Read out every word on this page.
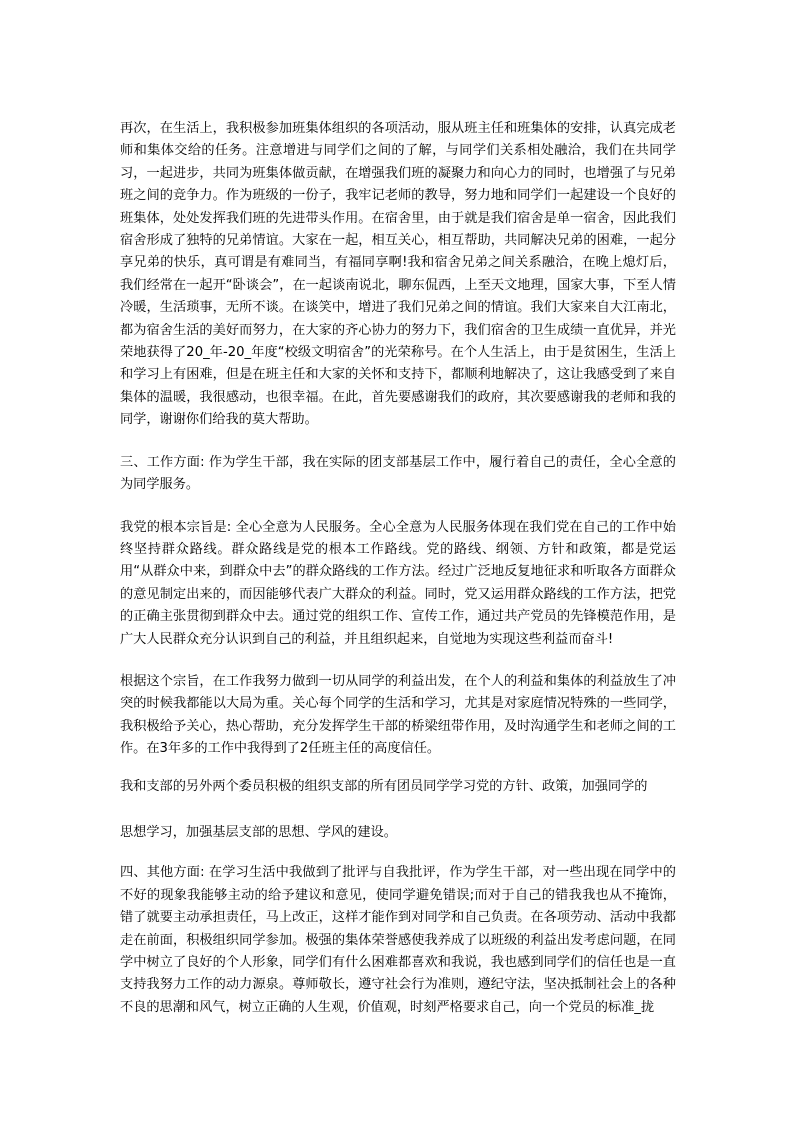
再次，在生活上，我积极参加班集体组织的各项活动，服从班主任和班集体的安排，认真完成老师和集体交给的任务。注意增进与同学们之间的了解，与同学们关系相处融洽，我们在共同学习，一起进步，共同为班集体做贡献，在增强我们班的凝聚力和向心力的同时，也增强了与兄弟班之间的竞争力。作为班级的一份子，我牢记老师的教导，努力地和同学们一起建设一个良好的班集体，处处发挥我们班的先进带头作用。在宿舍里，由于就是我们宿舍是单一宿舍，因此我们宿舍形成了独特的兄弟情谊。大家在一起，相互关心，相互帮助，共同解决兄弟的困难，一起分享兄弟的快乐，真可谓是有难同当，有福同享啊!我和宿舍兄弟之间关系融洽，在晚上熄灯后，我们经常在一起开“卧谈会”，在一起谈南说北，聊东侃西，上至天文地理，国家大事，下至人情冷暖，生活琐事，无所不谈。在谈笑中，增进了我们兄弟之间的情谊。我们大家来自大江南北，都为宿舍生活的美好而努力，在大家的齐心协力的努力下，我们宿舍的卫生成绩一直优异，并光荣地获得了20_年-20_年度“校级文明宿舍”的光荣称号。在个人生活上，由于是贫困生，生活上和学习上有困难，但是在班主任和大家的关怀和支持下，都顺利地解决了，这让我感受到了来自集体的温暖，我很感动，也很幸福。在此，首先要感谢我们的政府，其次要感谢我的老师和我的同学，谢谢你们给我的莫大帮助。

三、工作方面: 作为学生干部，我在实际的团支部基层工作中，履行着自己的责任，全心全意的为同学服务。

我党的根本宗旨是: 全心全意为人民服务。全心全意为人民服务体现在我们党在自己的工作中始终坚持群众路线。群众路线是党的根本工作路线。党的路线、纲领、方针和政策，都是党运用“从群众中来，到群众中去”的群众路线的工作方法。经过广泛地反复地征求和听取各方面群众的意见制定出来的，而因能够代表广大群众的利益。同时，党又运用群众路线的工作方法，把党的正确主张贯彻到群众中去。通过党的组织工作、宣传工作，通过共产党员的先锋模范作用，是广大人民群众充分认识到自己的利益，并且组织起来，自觉地为实现这些利益而奋斗!

根据这个宗旨，在工作我努力做到一切从同学的利益出发，在个人的利益和集体的利益放生了冲突的时候我都能以大局为重。关心每个同学的生活和学习，尤其是对家庭情况特殊的一些同学，我积极给予关心，热心帮助，充分发挥学生干部的桥梁纽带作用，及时沟通学生和老师之间的工作。在3年多的工作中我得到了2任班主任的高度信任。

我和支部的另外两个委员积极的组织支部的所有团员同学学习党的方针、政策，加强同学的

思想学习，加强基层支部的思想、学风的建设。

四、其他方面: 在学习生活中我做到了批评与自我批评，作为学生干部，对一些出现在同学中的不好的现象我能够主动的给予建议和意见，使同学避免错误;而对于自己的错我我也从不掩饰，错了就要主动承担责任，马上改正，这样才能作到对同学和自己负责。在各项劳动、活动中我都走在前面，积极组织同学参加。极强的集体荣誉感使我养成了以班级的利益出发考虑问题，在同学中树立了良好的个人形象，同学们有什么困难都喜欢和我说，我也感到同学们的信任也是一直支持我努力工作的动力源泉。尊师敬长，遵守社会行为准则，遵纪守法，坚决抵制社会上的各种不良的思潮和风气，树立正确的人生观，价值观，时刻严格要求自己，向一个党员的标准_拢
